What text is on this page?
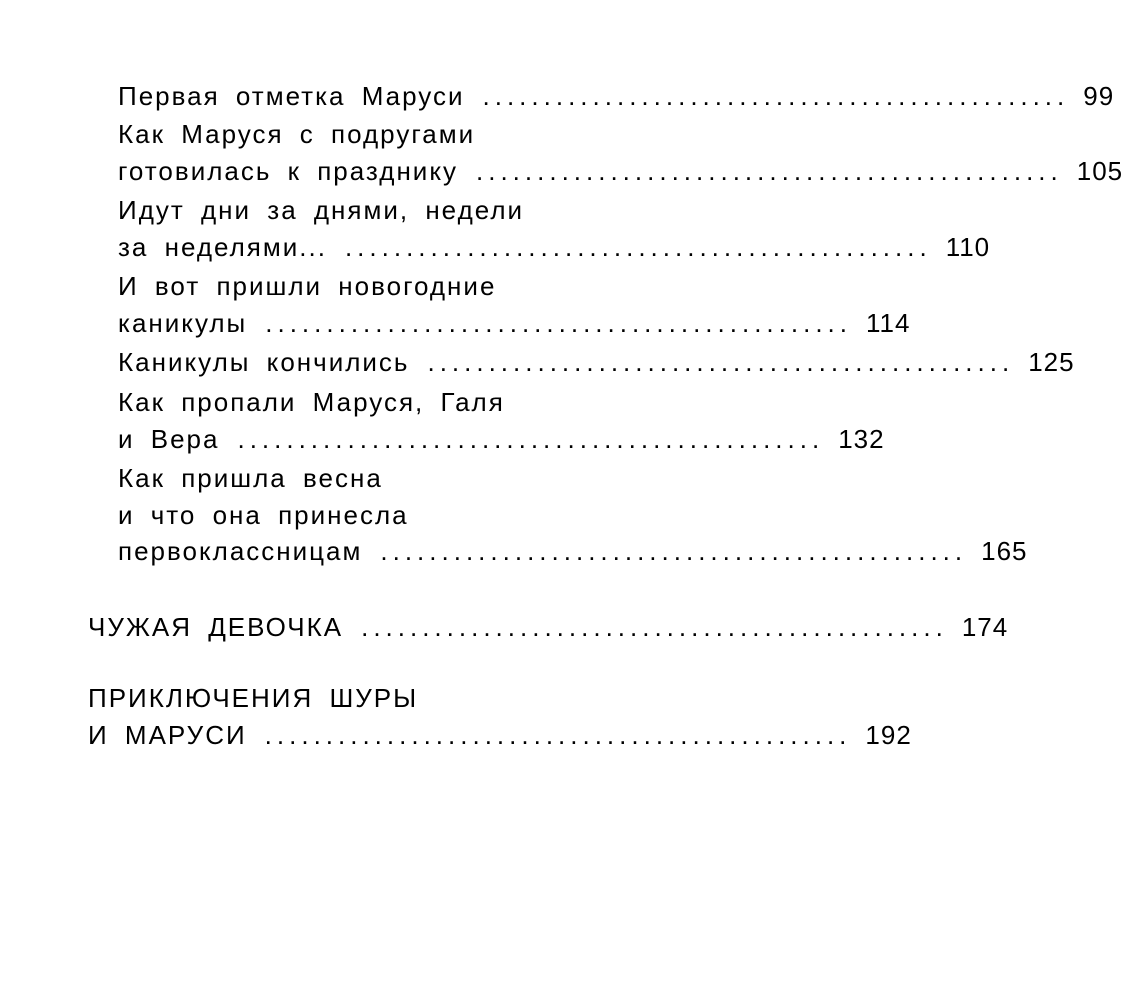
Первая отметка Маруси ................................................ 99
Как Маруся с подругами
готовилась к празднику ................................................ 105
Идут дни за днями, недели
за неделями... ................................................ 110
И вот пришли новогодние
каникулы ................................................ 114
Каникулы кончились ................................................ 125
Как пропали Маруся, Галя
и Вера ................................................ 132
Как пришла весна
и что она принесла
первоклассницам ................................................ 165
ЧУЖАЯ ДЕВОЧКА ................................................ 174
ПРИКЛЮЧЕНИЯ ШУРЫ
И МАРУСИ ................................................ 192
